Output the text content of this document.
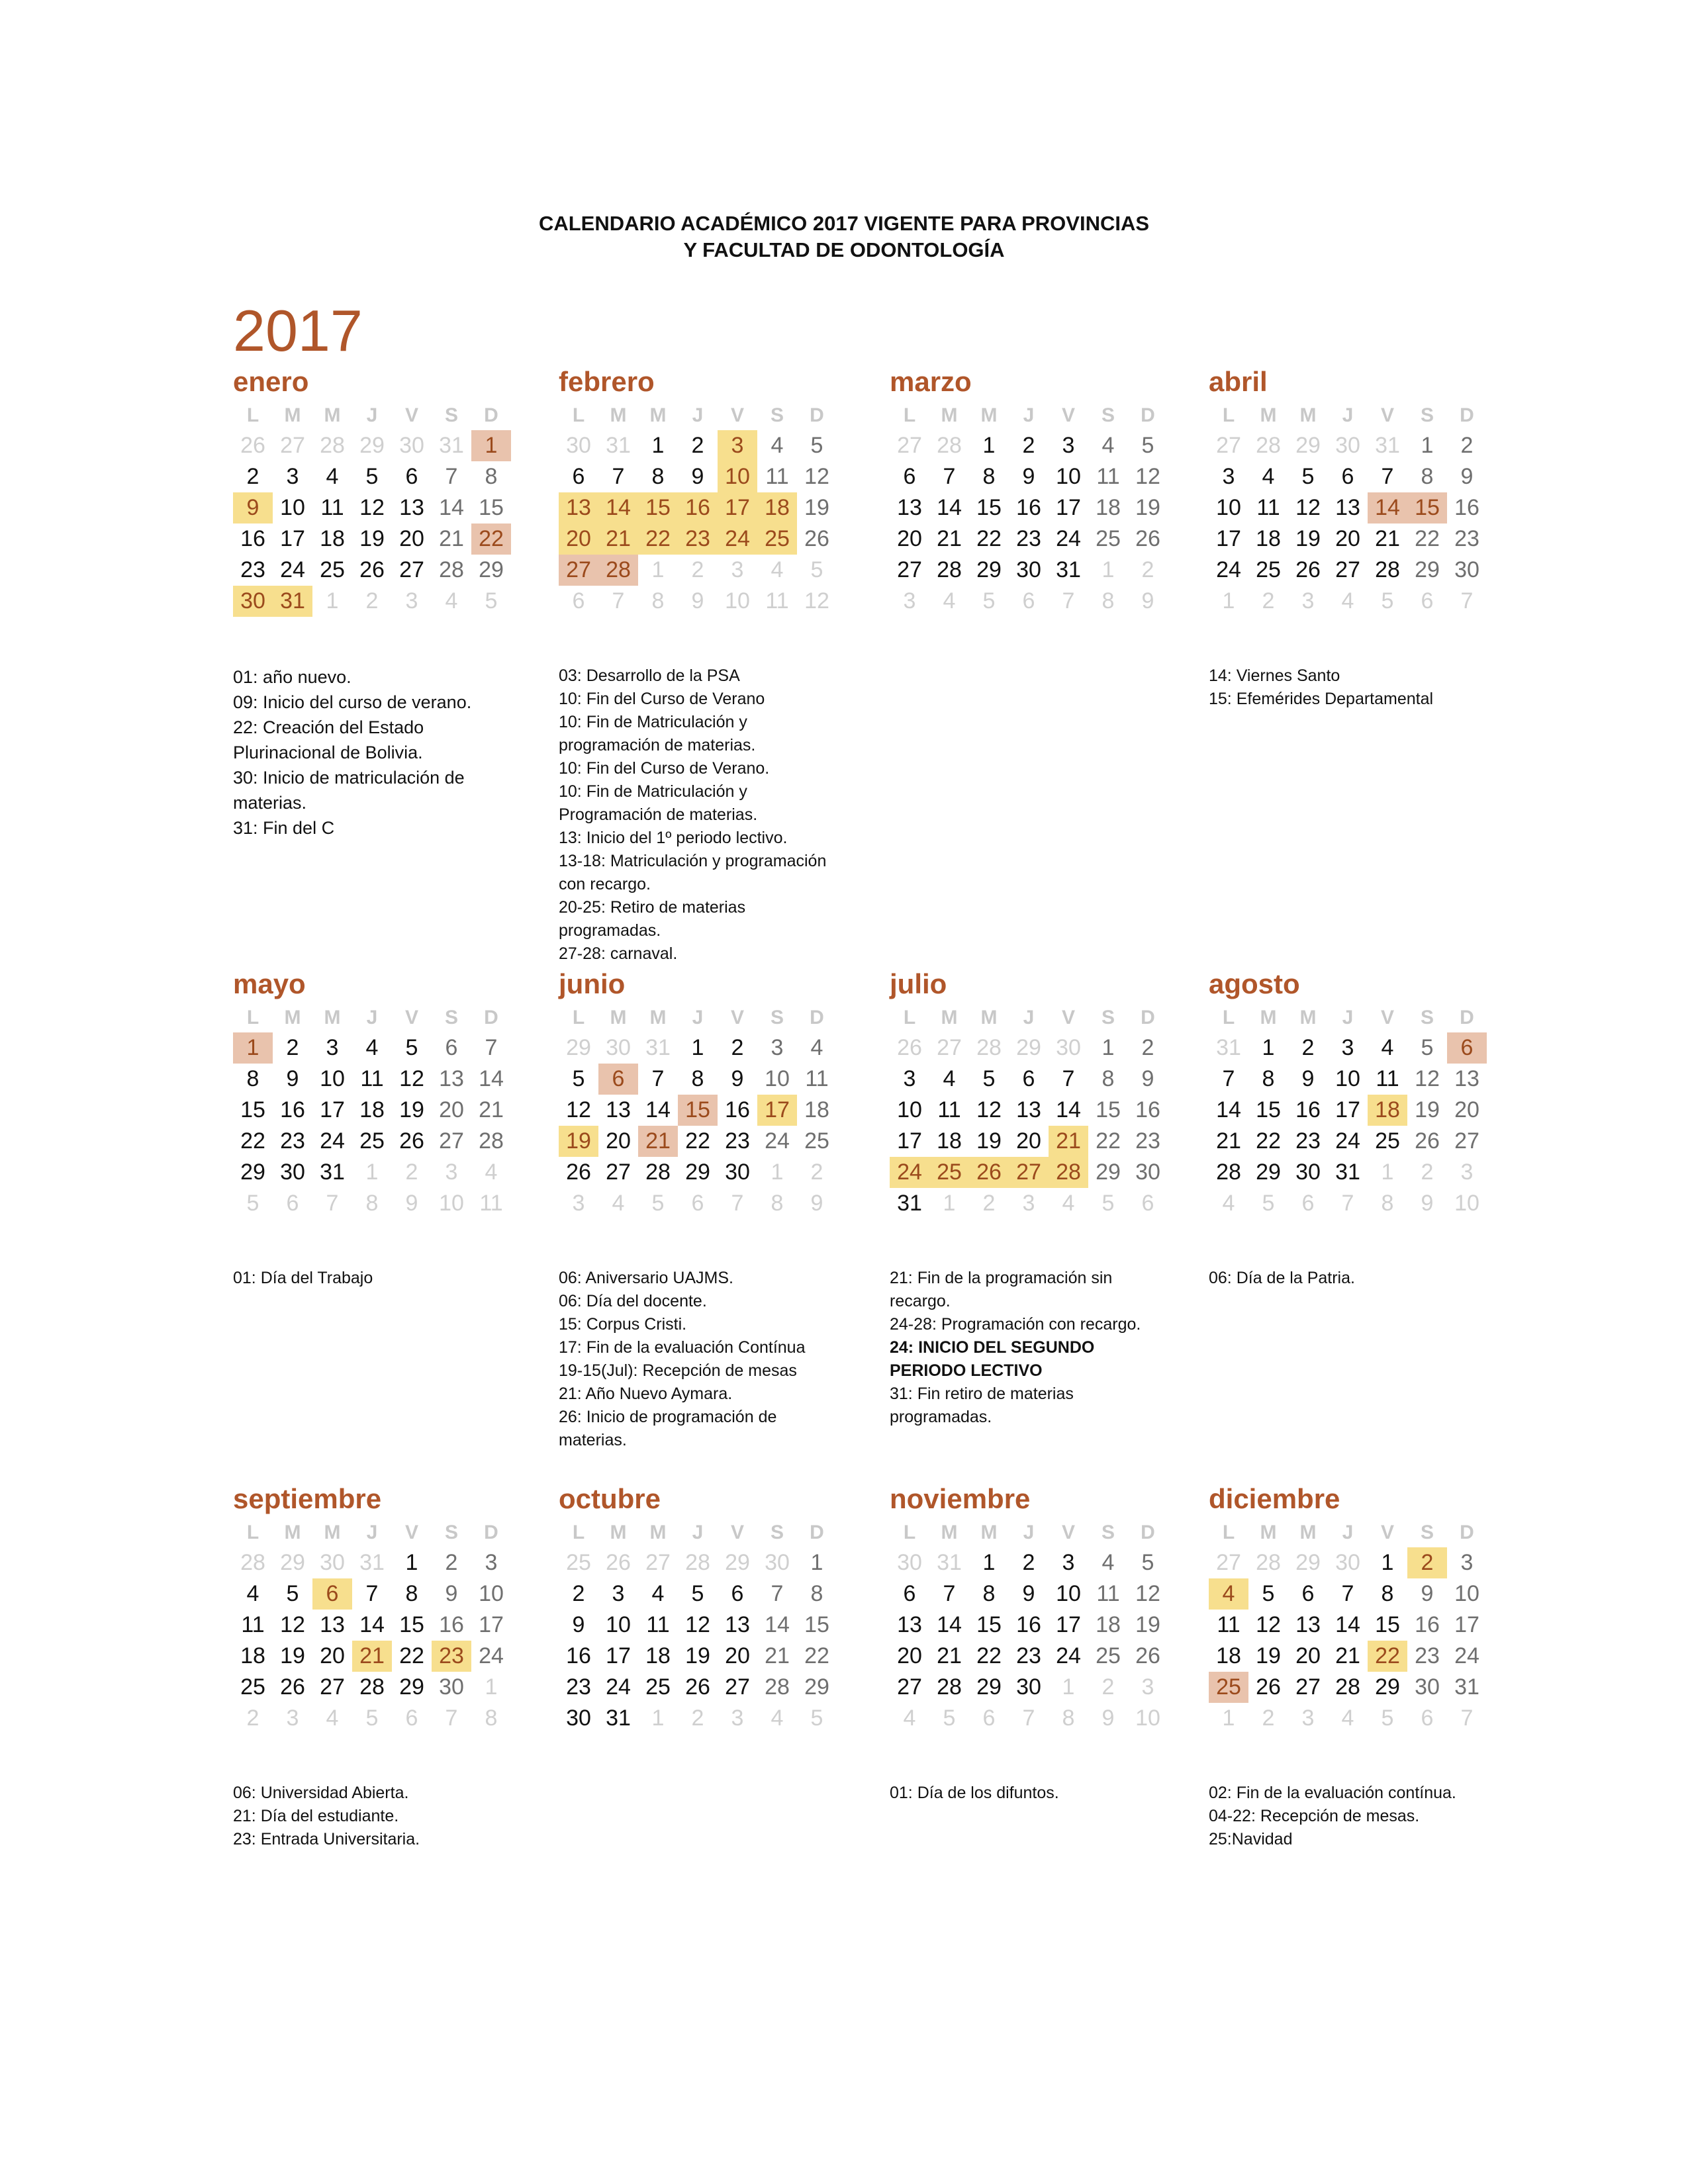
CALENDARIO ACADÉMICO 2017 VIGENTE PARA PROVINCIAS
Y FACULTAD DE ODONTOLOGÍA
2017
enero
L	M	M	J	V	S	D
26 27 28 29 30 31 1
2	3	4	5	6	7	8
9 10 11 12 13 14 15
16 17 18 19 20 21 22
23 24 25 26 27 28 29
30 31 1	2	3	4	5
01: año nuevo.
09: Inicio del curso de verano.
22: Creación del Estado
Plurinacional de Bolivia.
30: Inicio de matriculación de
materias.
31: Fin del C
febrero
L	M	M	J	V	S	D
30 31 1	2	3	4	5
6	7	8	9 10 11 12
13 14 15 16 17 18 19
20 21 22 23 24 25 26
27 28 1	2	3	4	5
6	7	8	9 10 11 12
03: Desarrollo de la PSA
10: Fin del Curso de Verano
10: Fin de Matriculación y
programación de materias.
10: Fin del Curso de Verano.
10: Fin de Matriculación y
Programación de materias.
13: Inicio del 1º periodo lectivo.
13-18: Matriculación y programación
con recargo.
20-25: Retiro de materias
programadas.
27-28: carnaval.
marzo
L	M	M	J	V	S	D
27 28 1	2	3	4	5
6	7	8	9 10 11 12
13 14 15 16 17 18 19
20 21 22 23 24 25 26
27 28 29 30 31 1	2
3	4	5	6	7	8	9
abril
L	M	M	J	V	S	D
27 28 29 30 31 1	2
3	4	5	6	7	8	9
10 11 12 13 14 15 16
17 18 19 20 21 22 23
24 25 26 27 28 29 30
1	2	3	4	5	6	7
14: Viernes Santo
15: Efemérides Departamental
mayo
L	M	M	J	V	S	D
1	2	3	4	5	6	7
8	9 10 11 12 13 14
15 16 17 18 19 20 21
22 23 24 25 26 27 28
29 30 31 1	2	3	4
5	6	7	8	9 10 11
01: Día del Trabajo
junio
L	M	M	J	V	S	D
29 30 31 1	2	3	4
5	6	7	8	9 10 11
12 13 14 15 16 17 18
19 20 21 22 23 24 25
26 27 28 29 30 1	2
3	4	5	6	7	8	9
06: Aniversario UAJMS.
06: Día del docente.
15: Corpus Cristi.
17: Fin de la evaluación Contínua
19-15(Jul): Recepción de mesas
21: Año Nuevo Aymara.
26: Inicio de programación de
materias.
julio
L	M	M	J	V	S	D
26 27 28 29 30 1	2
3	4	5	6	7	8	9
10 11 12 13 14 15 16
17 18 19 20 21 22 23
24 25 26 27 28 29 30
31 1	2	3	4	5	6
21: Fin de la programación sin
recargo.
24-28: Programación con recargo.
24: INICIO DEL SEGUNDO
PERIODO LECTIVO
31: Fin retiro de materias
programadas.
agosto
L	M	M	J	V	S	D
31 1	2	3	4	5	6
7	8	9 10 11 12 13
14 15 16 17 18 19 20
21 22 23 24 25 26 27
28 29 30 31 1	2	3
4	5	6	7	8	9 10
06: Día de la Patria.
septiembre
L	M	M	J	V	S	D
28 29 30 31 1	2	3
4	5	6	7	8	9 10
11 12 13 14 15 16 17
18 19 20 21 22 23 24
25 26 27 28 29 30 1
2	3	4	5	6	7	8
06: Universidad Abierta.
21: Día del estudiante.
23: Entrada Universitaria.
octubre
L	M	M	J	V	S	D
25 26 27 28 29 30 1
2	3	4	5	6	7	8
9 10 11 12 13 14 15
16 17 18 19 20 21 22
23 24 25 26 27 28 29
30 31 1	2	3	4	5
noviembre
L	M	M	J	V	S	D
30 31 1	2	3	4	5
6	7	8	9 10 11 12
13 14 15 16 17 18 19
20 21 22 23 24 25 26
27 28 29 30 1	2	3
4	5	6	7	8	9 10
01: Día de los difuntos.
diciembre
L	M	M	J	V	S	D
27 28 29 30 1	2	3
4	5	6	7	8	9 10
11 12 13 14 15 16 17
18 19 20 21 22 23 24
25 26 27 28 29 30 31
1	2	3	4	5	6	7
02: Fin de la evaluación contínua.
04-22: Recepción de mesas.
25:Navidad
